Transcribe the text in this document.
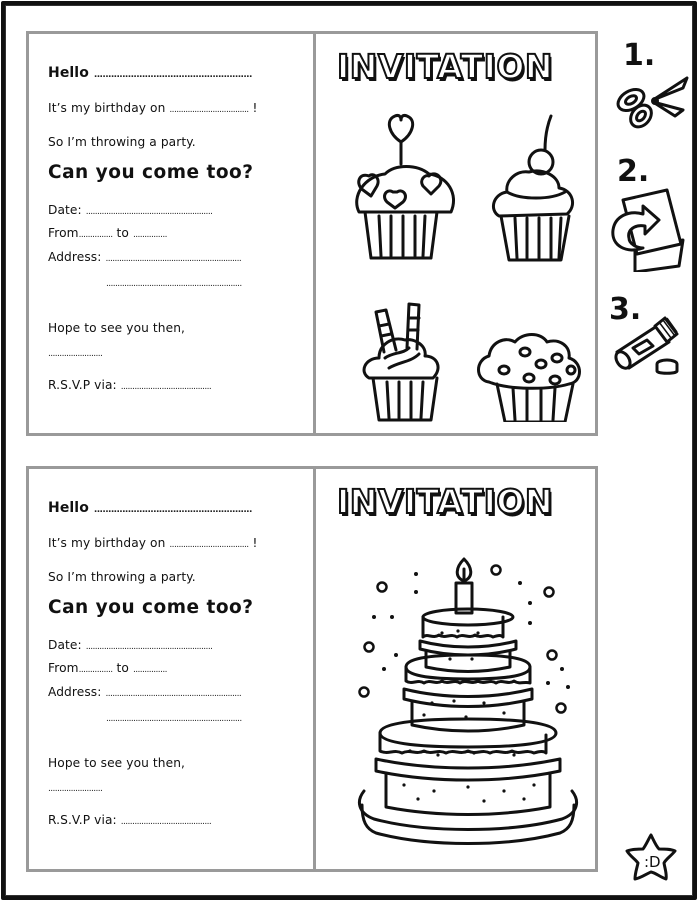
Hello ........................................................
It’s my birthday on ................................... !
So I’m throwing a party.
Can you come too?
Date: ........................................................
From............... to ...............
Address: ............................................................
............................................................
Hope to see you then,
........................
R.S.V.P via: ........................................
INVITATION
Hello ........................................................
It’s my birthday on ................................... !
So I’m throwing a party.
Can you come too?
Date: ........................................................
From............... to ...............
Address: ............................................................
............................................................
Hope to see you then,
........................
R.S.V.P via: ........................................
INVITATION
1.
2.
3.
:D
